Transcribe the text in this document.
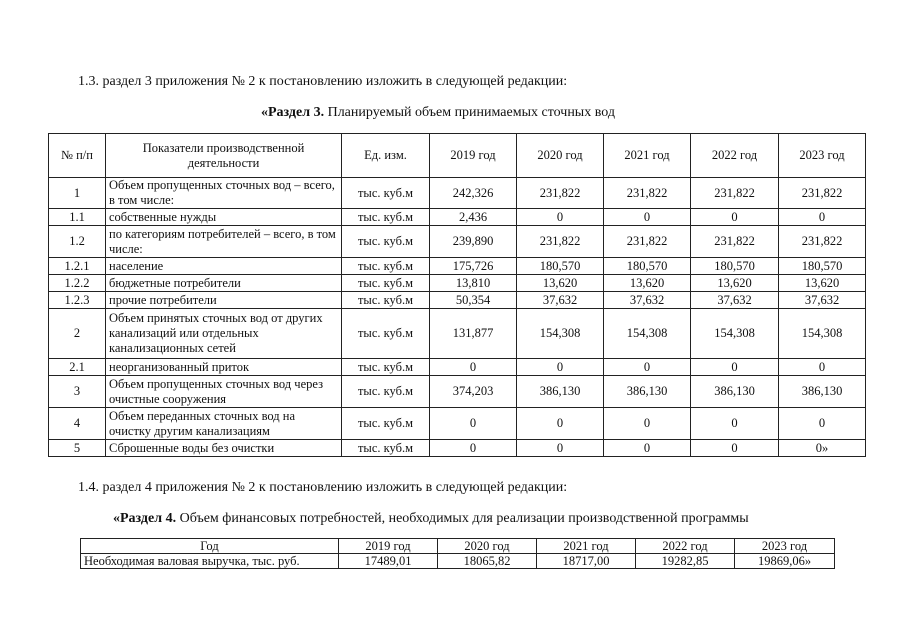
1.3. раздел 3 приложения № 2 к постановлению изложить в следующей редакции:
«Раздел 3. Планируемый объем принимаемых сточных вод
№ п/п	Показатели производственной деятельности	Ед. изм.	2019 год	2020 год	2021 год	2022 год	2023 год
1	Объем пропущенных сточных вод – всего, в том числе:	тыс. куб.м	242,326	231,822	231,822	231,822	231,822
1.1	собственные нужды	тыс. куб.м	2,436	0	0	0	0
1.2	по категориям потребителей – всего, в том числе:	тыс. куб.м	239,890	231,822	231,822	231,822	231,822
1.2.1	население	тыс. куб.м	175,726	180,570	180,570	180,570	180,570
1.2.2	бюджетные потребители	тыс. куб.м	13,810	13,620	13,620	13,620	13,620
1.2.3	прочие потребители	тыс. куб.м	50,354	37,632	37,632	37,632	37,632
2	Объем принятых сточных вод от других канализаций или отдельных канализационных сетей	тыс. куб.м	131,877	154,308	154,308	154,308	154,308
2.1	неорганизованный приток	тыс. куб.м	0	0	0	0	0
3	Объем пропущенных сточных вод через очистные сооружения	тыс. куб.м	374,203	386,130	386,130	386,130	386,130
4	Объем переданных сточных вод на очистку другим канализациям	тыс. куб.м	0	0	0	0	0
5	Сброшенные воды без очистки	тыс. куб.м	0	0	0	0	0»
1.4. раздел 4 приложения № 2 к постановлению изложить в следующей редакции:
«Раздел 4. Объем финансовых потребностей, необходимых для реализации производственной программы
Год	2019 год	2020 год	2021 год	2022 год	2023 год
Необходимая валовая выручка, тыс. руб.	17489,01	18065,82	18717,00	19282,85	19869,06»
